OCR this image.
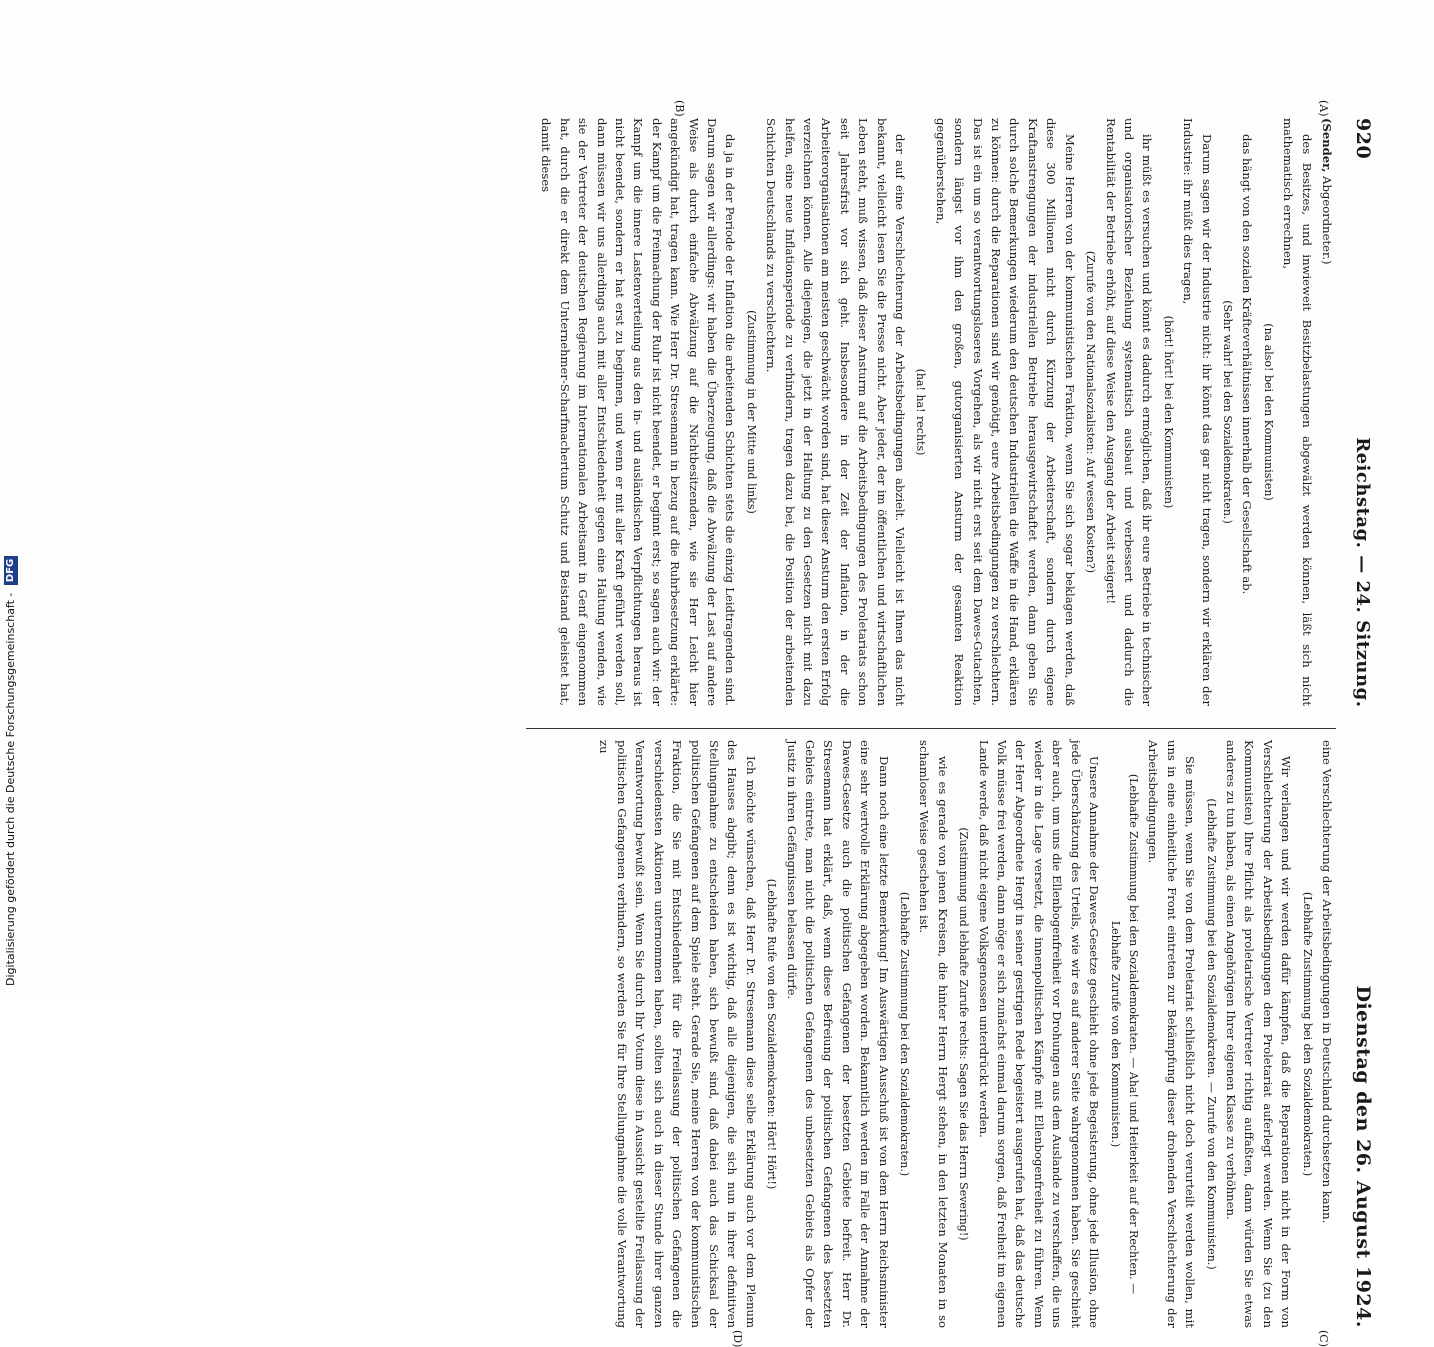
920
Reichstag. — 24. Sitzung.
Dienstag den 26. August 1924.
(A)
(B)
(C)
(D)

(Sender, Abgeordneter.)

des Besitzes, und inwieweit Besitzbelastungen abgewälzt werden können, läßt sich nicht mathematisch errechnen,

(na also! bei den Kommunisten)

das hängt von den sozialen Kräfteverhältnissen innerhalb der Gesellschaft ab.

(Sehr wahr! bei den Sozialdemokraten.)

Darum sagen wir der Industrie nicht: ihr könnt das gar nicht tragen, sondern wir erklären der Industrie: ihr müßt dies tragen,

(hört! hört! bei den Kommunisten)

ihr müßt es versuchen und könnt es dadurch ermöglichen, daß ihr eure Betriebe in technischer und organisatorischer Beziehung systematisch ausbaut und verbessert und dadurch die Rentabilität der Betriebe erhöht, auf diese Weise den Ausgang der Arbeit steigert!

(Zurufe von den Nationalsozialisten: Auf wessen Kosten?)

Meine Herren von der kommunistischen Fraktion, wenn Sie sich sogar beklagen werden, daß diese 300 Millionen nicht durch Kürzung der Arbeiterschaft, sondern durch eigene Kraftanstrengungen der industriellen Betriebe herausgewirtschaftet werden, dann geben Sie durch solche Bemerkungen wiederum den deutschen Industriellen die Waffe in die Hand, erklären zu können: durch die Reparationen sind wir genötigt, eure Arbeitsbedingungen zu verschlechtern. Das ist ein um so verantwortungsloseres Vorgehen, als wir nicht erst seit dem Dawes-Gutachten, sondern längst vor ihm den großen, gutorganisierten Ansturm der gesamten Reaktion gegenüberstehen,

(ha! ha! rechts)

der auf eine Verschlechterung der Arbeitsbedingungen abzielt. Vielleicht ist Ihnen das nicht bekannt, vielleicht lesen Sie die Presse nicht. Aber jeder, der im öffentlichen und wirtschaftlichen Leben steht, muß wissen, daß dieser Ansturm auf die Arbeitsbedingungen des Proletariats schon seit Jahresfrist vor sich geht. Insbesondere in der Zeit der Inflation, in der die Arbeiterorganisationen am meisten geschwächt worden sind, hat dieser Ansturm den ersten Erfolg verzeichnen können. Alle diejenigen, die jetzt in der Haltung zu den Gesetzen nicht mit dazu helfen, eine neue Inflationsperiode zu verhindern, tragen dazu bei, die Position der arbeitenden Schichten Deutschlands zu verschlechtern.

(Zustimmung in der Mitte und links)

da ja in der Periode der Inflation die arbeitenden Schichten stets die einzig Leidtragenden sind. Darum sagen wir allerdings: wir haben die Überzeugung, daß die Abwälzung der Last auf andere Weise als durch einfache Abwälzung auf die Nichtbesitzenden, wie sie Herr Leicht hier angekündigt hat, tragen kann. Wie Herr Dr. Stresemann in bezug auf die Ruhrbesetzung erklärte: der Kampf um die Freimachung der Ruhr ist nicht beendet, er beginnt erst; so sagen auch wir: der Kampf um die innere Lastenverteilung aus den in- und ausländischen Verpflichtungen heraus ist nicht beendet, sondern er hat erst zu beginnen, und wenn er mit aller Kraft geführt werden soll, dann müssen wir uns allerdings auch mit aller Entschiedenheit gegen eine Haltung wenden, wie sie der Vertreter der deutschen Regierung im Internationalen Arbeitsamt in Genf eingenommen hat, durch die er direkt dem Unternehmer-Scharfmachertum Schutz und Beistand geleistet hat, damit dieses

eine Verschlechterung der Arbeitsbedingungen in Deutschland durchsetzen kann.

(Lebhafte Zustimmung bei den Sozialdemokraten.)

Wir verlangen und wir werden dafür kämpfen, daß die Reparationen nicht in der Form von Verschlechterung der Arbeitsbedingungen dem Proletariat auferlegt werden. Wenn Sie (zu den Kommunisten) Ihre Pflicht als proletarische Vertreter richtig auffaßten, dann würden Sie etwas anderes zu tun haben, als einen Angehörigen Ihrer eigenen Klasse zu verhöhnen.

(Lebhafte Zustimmung bei den Sozialdemokraten. — Zurufe von den Kommunisten.)

Sie müssen, wenn Sie von dem Proletariat schließlich nicht doch verurteilt werden wollen, mit uns in eine einheitliche Front eintreten zur Bekämpfung dieser drohenden Verschlechterung der Arbeitsbedingungen.

(Lebhafte Zustimmung bei den Sozialdemokraten. — Aha! und Heiterkeit auf der Rechten. — Lebhafte Zurufe von den Kommunisten.)

Unsere Annahme der Dawes-Gesetze geschieht ohne jede Begeisterung, ohne jede Illusion, ohne jede Überschätzung des Urteils, wie wir es auf anderer Seite wahrgenommen haben. Sie geschieht aber auch, um uns die Ellenbogenfreiheit vor Drohungen aus dem Auslande zu verschaffen, die uns wieder in die Lage versetzt, die innenpolitischen Kämpfe mit Ellenbogenfreiheit zu führen. Wenn der Herr Abgeordnete Hergt in seiner gestrigen Rede begeistert ausgerufen hat, daß das deutsche Volk müsse frei werden, dann möge er sich zunächst einmal darum sorgen, daß Freiheit im eigenen Lande werde, daß nicht eigene Volksgenossen unterdrückt werden.

(Zustimmung und lebhafte Zurufe rechts: Sagen Sie das Herrn Severing!)

wie es gerade von jenen Kreisen, die hinter Herrn Hergt stehen, in den letzten Monaten in so schamloser Weise geschehen ist.

(Lebhafte Zustimmung bei den Sozialdemokraten.)

Dann noch eine letzte Bemerkung! Im Auswärtigen Ausschuß ist von dem Herrn Reichsminister eine sehr wertvolle Erklärung abgegeben worden. Bekanntlich werden im Falle der Annahme der Dawes-Gesetze auch die politischen Gefangenen der besetzten Gebiete befreit. Herr Dr. Stresemann hat erklärt, daß, wenn diese Befreiung der politischen Gefangenen des besetzten Gebiets eintrete, man nicht die politischen Gefangenen des unbesetzten Gebiets als Opfer der Justiz in ihren Gefängnissen belassen dürfe.

(Lebhafte Rufe von den Sozialdemokraten: Hört! Hört!)

Ich möchte wünschen, daß Herr Dr. Stresemann diese selbe Erklärung auch vor dem Plenum des Hauses abgibt; denn es ist wichtig, daß alle diejenigen, die sich nun in ihrer definitiven Stellungnahme zu entscheiden haben, sich bewußt sind, daß dabei auch das Schicksal der politischen Gefangenen auf dem Spiele steht. Gerade Sie, meine Herren von der kommunistischen Fraktion, die Sie mit Entschiedenheit für die Freilassung der politischen Gefangenen die verschiedensten Aktionen unternommen haben, sollten sich auch in dieser Stunde ihrer ganzen Verantwortung bewußt sein. Wenn Sie durch Ihr Votum diese in Aussicht gestellte Freilassung der politischen Gefangenen verhindern, so werden Sie für Ihre Stellungnahme die volle Verantwortung zu

Digitalisierung gefördert durch die Deutsche Forschungsgemeinschaft - DFG
